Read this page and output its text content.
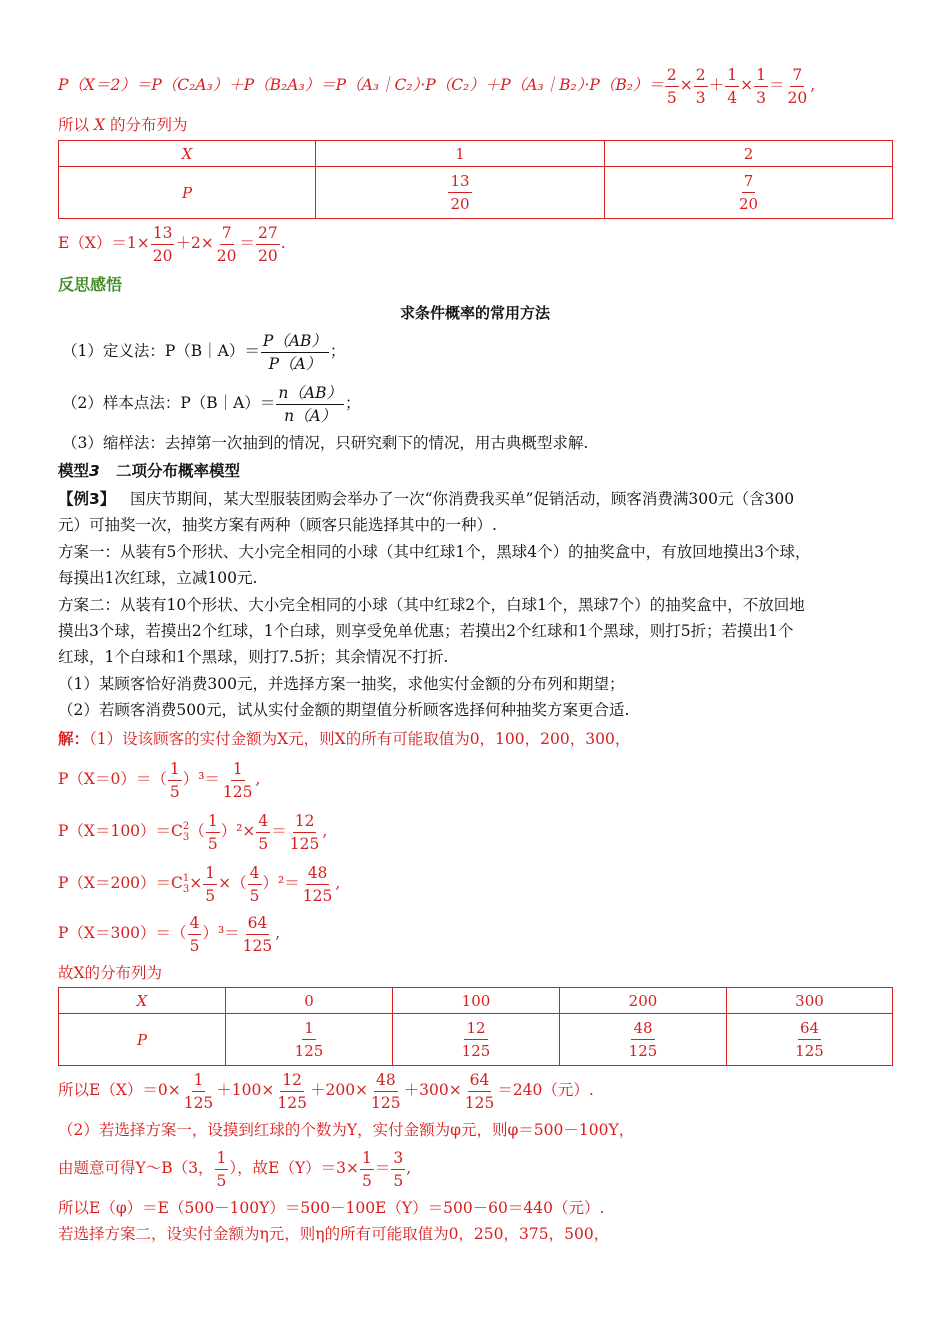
P（X＝2）＝P（C₂A₃）＋P（B₂A₃）＝P（A₃｜C₂）·P（C₂）＋P（A₃｜B₂）·P（B₂）＝ $\frac{2}{5} \times \frac{2}{3} + \frac{1}{4} \times \frac{1}{3} = \frac{7}{20}$ ,
所以 X 的分布列为
X	1	2
P	$\frac{13}{20}$	$\frac{7}{20}$
$E(X)=1\times \frac{13}{20} +2\times \frac{7}{20} = \frac{27}{20}$ .
反思感悟
求条件概率的常用方法
（1）定义法：P（B｜A）＝ $\frac{P(AB)}{P(A)}$ ；
（2）样本点法：P（B｜A）＝ $\frac{n(AB)}{n(A)}$ ；
（3）缩样法：去掉第一次抽到的情况，只研究剩下的情况，用古典概型求解.
模型3 二项分布概率模型
【例3】 国庆节期间，某大型服装团购会举办了一次“你消费我买单”促销活动，顾客消费满300元（含300
元）可抽奖一次，抽奖方案有两种（顾客只能选择其中的一种）.
方案一：从装有5个形状、大小完全相同的小球（其中红球1个，黑球4个）的抽奖盒中，有放回地摸出3个球，
每摸出1次红球，立减100元.
方案二：从装有10个形状、大小完全相同的小球（其中红球2个，白球1个，黑球7个）的抽奖盒中，不放回地
摸出3个球，若摸出2个红球，1个白球，则享受免单优惠；若摸出2个红球和1个黑球，则打5折；若摸出1个
红球，1个白球和1个黑球，则打7.5折；其余情况不打折.
（1）某顾客恰好消费300元，并选择方案一抽奖，求他实付金额的分布列和期望；
（2）若顾客消费500元，试从实付金额的期望值分析顾客选择何种抽奖方案更合适.
解：（1）设该顾客的实付金额为X元，则X的所有可能取值为0，100，200，300，
$P(X=0)=( \frac{1}{5} )^3= \frac{1}{125}$ ,
P（X＝100）＝C 2
3 （ $\frac{1}{5} )^2\times \frac{4}{5} = \frac{12}{125}$ ,
P（X＝200）＝C 1
$3 \times \frac{1}{5}$ ×（ $\frac{4}{5} )^2= \frac{48}{125}$ ,
$P(X=300)=( \frac{4}{5} )^3= \frac{64}{125}$ ,
故X的分布列为
X	0	100	200	300
P	$\frac{1}{125}$	$\frac{12}{125}$	$\frac{48}{125}$	$\frac{64}{125}$
所以$E(X)=0\times \frac{1}{125} +100\times \frac{12}{125} +200\times \frac{48}{125} +300\times \frac{64}{125} =240$（元）.
（2）若选择方案一，设摸到红球的个数为Y，实付金额为φ元，则φ＝500－100Y，
由题意可得Y～B（3， $\frac{1}{5}$ ），故$E(Y)=3\times \frac{1}{5} = \frac{3}{5}$ ,
所以E（φ）＝E（500－100Y）＝500－100E（Y）＝500－60＝440（元）.
若选择方案二，设实付金额为η元，则η的所有可能取值为0，250，375，500，
